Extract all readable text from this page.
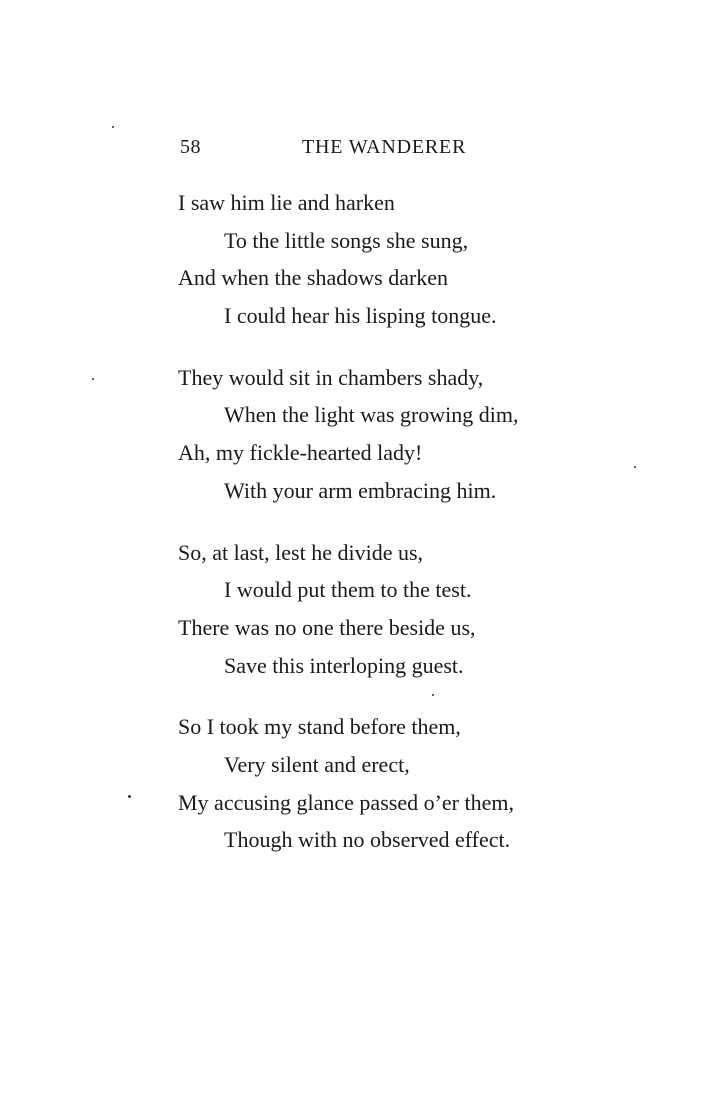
58	THE WANDERER
I saw him lie and harken
To the little songs she sung,
And when the shadows darken
I could hear his lisping tongue.
They would sit in chambers shady,
When the light was growing dim,
Ah, my fickle-hearted lady!
With your arm embracing him.
So, at last, lest he divide us,
I would put them to the test.
There was no one there beside us,
Save this interloping guest.
So I took my stand before them,
Very silent and erect,
My accusing glance passed o’er them,
Though with no observed effect.
